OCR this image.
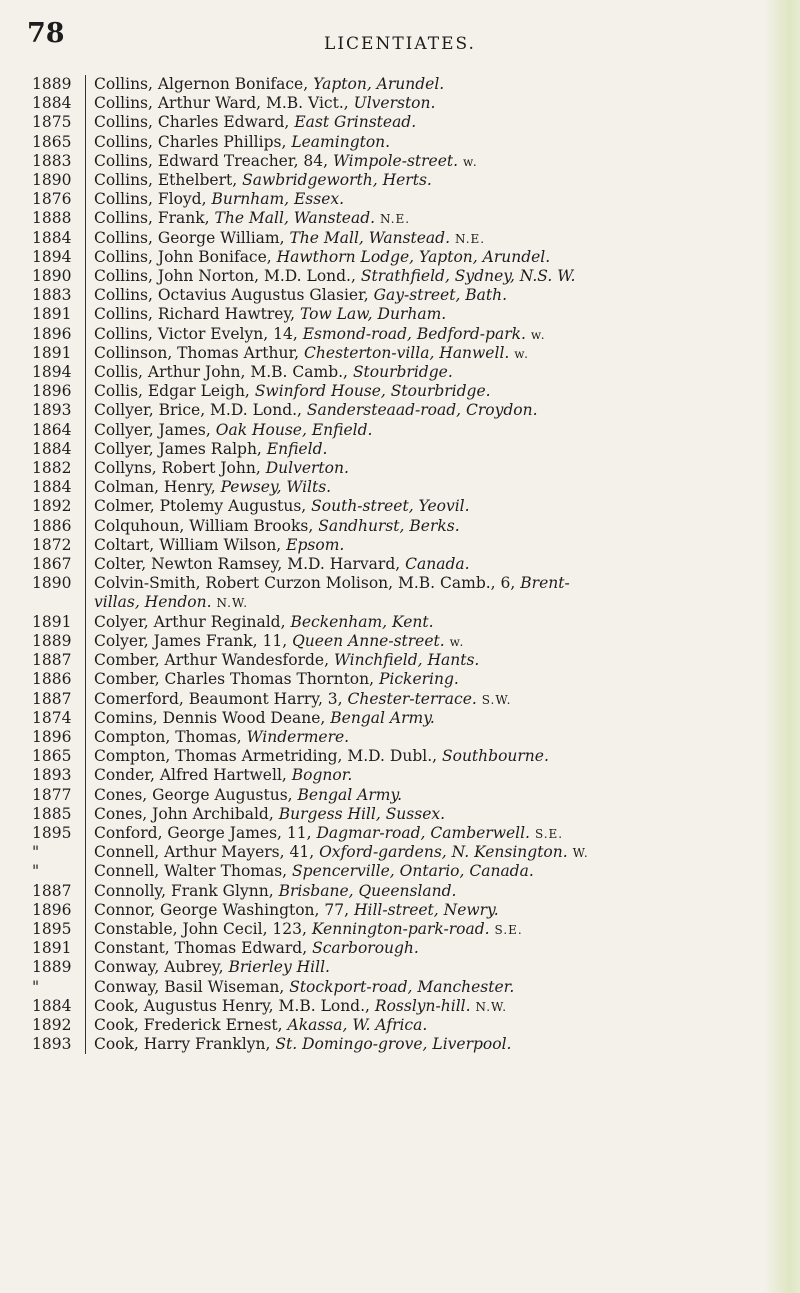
78	LICENTIATES.
1889	Collins, Algernon Boniface, Yapton, Arundel.
1884	Collins, Arthur Ward, M.B. Vict., Ulverston.
1875	Collins, Charles Edward, East Grinstead.
1865	Collins, Charles Phillips, Leamington.
1883	Collins, Edward Treacher, 84, Wimpole-street. w.
1890	Collins, Ethelbert, Sawbridgeworth, Herts.
1876	Collins, Floyd, Burnham, Essex.
1888	Collins, Frank, The Mall, Wanstead. N.E.
1884	Collins, George William, The Mall, Wanstead. N.E.
1894	Collins, John Boniface, Hawthorn Lodge, Yapton, Arundel.
1890	Collins, John Norton, M.D. Lond., Strathfield, Sydney, N.S. W.
1883	Collins, Octavius Augustus Glasier, Gay-street, Bath.
1891	Collins, Richard Hawtrey, Tow Law, Durham.
1896	Collins, Victor Evelyn, 14, Esmond-road, Bedford-park. w.
1891	Collinson, Thomas Arthur, Chesterton-villa, Hanwell. w.
1894	Collis, Arthur John, M.B. Camb., Stourbridge.
1896	Collis, Edgar Leigh, Swinford House, Stourbridge.
1893	Collyer, Brice, M.D. Lond., Sandersteaad-road, Croydon.
1864	Collyer, James, Oak House, Enfield.
1884	Collyer, James Ralph, Enfield.
1882	Collyns, Robert John, Dulverton.
1884	Colman, Henry, Pewsey, Wilts.
1892	Colmer, Ptolemy Augustus, South-street, Yeovil.
1886	Colquhoun, William Brooks, Sandhurst, Berks.
1872	Coltart, William Wilson, Epsom.
1867	Colter, Newton Ramsey, M.D. Harvard, Canada.
1890	Colvin-Smith, Robert Curzon Molison, M.B. Camb., 6, Brent-
villas, Hendon. N.W.
1891	Colyer, Arthur Reginald, Beckenham, Kent.
1889	Colyer, James Frank, 11, Queen Anne-street. w.
1887	Comber, Arthur Wandesforde, Winchfield, Hants.
1886	Comber, Charles Thomas Thornton, Pickering.
1887	Comerford, Beaumont Harry, 3, Chester-terrace. S.W.
1874	Comins, Dennis Wood Deane, Bengal Army.
1896	Compton, Thomas, Windermere.
1865	Compton, Thomas Armetriding, M.D. Dubl., Southbourne.
1893	Conder, Alfred Hartwell, Bognor.
1877	Cones, George Augustus, Bengal Army.
1885	Cones, John Archibald, Burgess Hill, Sussex.
1895	Conford, George James, 11, Dagmar-road, Camberwell. S.E.
"	Connell, Arthur Mayers, 41, Oxford-gardens, N. Kensington. W.
"	Connell, Walter Thomas, Spencerville, Ontario, Canada.
1887	Connolly, Frank Glynn, Brisbane, Queensland.
1896	Connor, George Washington, 77, Hill-street, Newry.
1895	Constable, John Cecil, 123, Kennington-park-road. S.E.
1891	Constant, Thomas Edward, Scarborough.
1889	Conway, Aubrey, Brierley Hill.
"	Conway, Basil Wiseman, Stockport-road, Manchester.
1884	Cook, Augustus Henry, M.B. Lond., Rosslyn-hill. N.W.
1892	Cook, Frederick Ernest, Akassa, W. Africa.
1893	Cook, Harry Franklyn, St. Domingo-grove, Liverpool.
